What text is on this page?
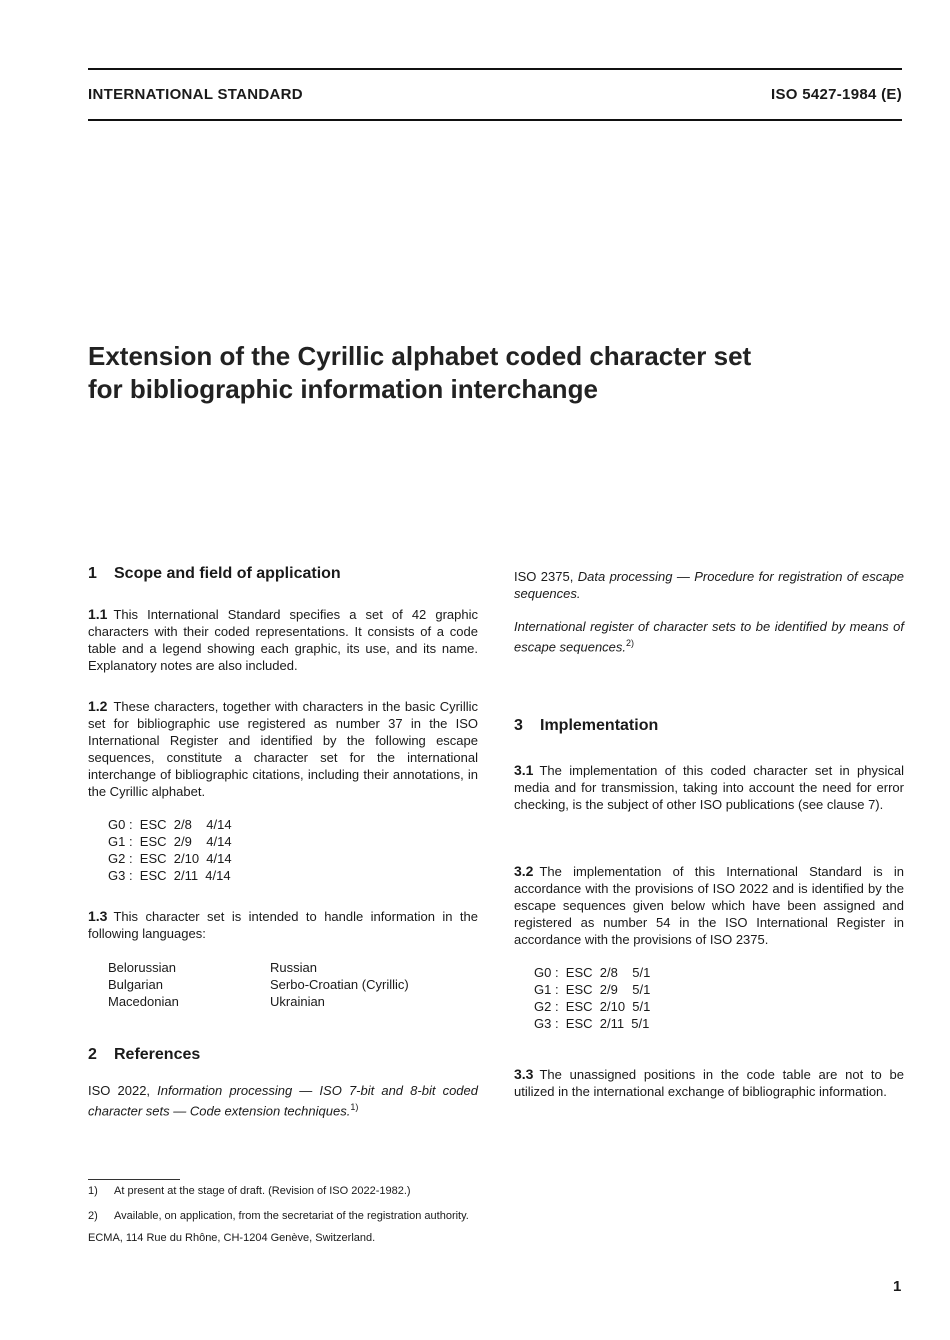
INTERNATIONAL STANDARD	ISO 5427-1984 (E)
Extension of the Cyrillic alphabet coded character set
for bibliographic information interchange

1 Scope and field of application

1.1 This International Standard specifies a set of 42 graphic characters with their coded representations. It consists of a code table and a legend showing each graphic, its use, and its name. Explanatory notes are also included.

1.2 These characters, together with characters in the basic Cyrillic set for bibliographic use registered as number 37 in the ISO International Register and identified by the following escape sequences, constitute a character set for the international interchange of bibliographic citations, including their annotations, in the Cyrillic alphabet.

G0 :  ESC  2/8    4/14
G1 :  ESC  2/9    4/14
G2 :  ESC  2/10  4/14
G3 :  ESC  2/11  4/14

1.3 This character set is intended to handle information in the following languages:

Belorussian	Russian
Bulgarian	Serbo-Croatian (Cyrillic)
Macedonian	Ukrainian

2 References

ISO 2022, Information processing — ISO 7-bit and 8-bit coded character sets — Code extension techniques.$^{1)}$

ISO 2375, Data processing — Procedure for registration of escape sequences.

International register of character sets to be identified by means of escape sequences.$^{2)}$

3 Implementation

3.1 The implementation of this coded character set in physical media and for transmission, taking into account the need for error checking, is the subject of other ISO publications (see clause 7).

3.2 The implementation of this International Standard is in accordance with the provisions of ISO 2022 and is identified by the escape sequences given below which have been assigned and registered as number 54 in the ISO International Register in accordance with the provisions of ISO 2375.

G0 :  ESC  2/8    5/1
G1 :  ESC  2/9    5/1
G2 :  ESC  2/10  5/1
G3 :  ESC  2/11  5/1

3.3 The unassigned positions in the code table are not to be utilized in the international exchange of bibliographic information.

1) At present at the stage of draft. (Revision of ISO 2022-1982.)
2) Available, on application, from the secretariat of the registration authority.
ECMA, 114 Rue du Rhône, CH-1204 Genève, Switzerland.
1
